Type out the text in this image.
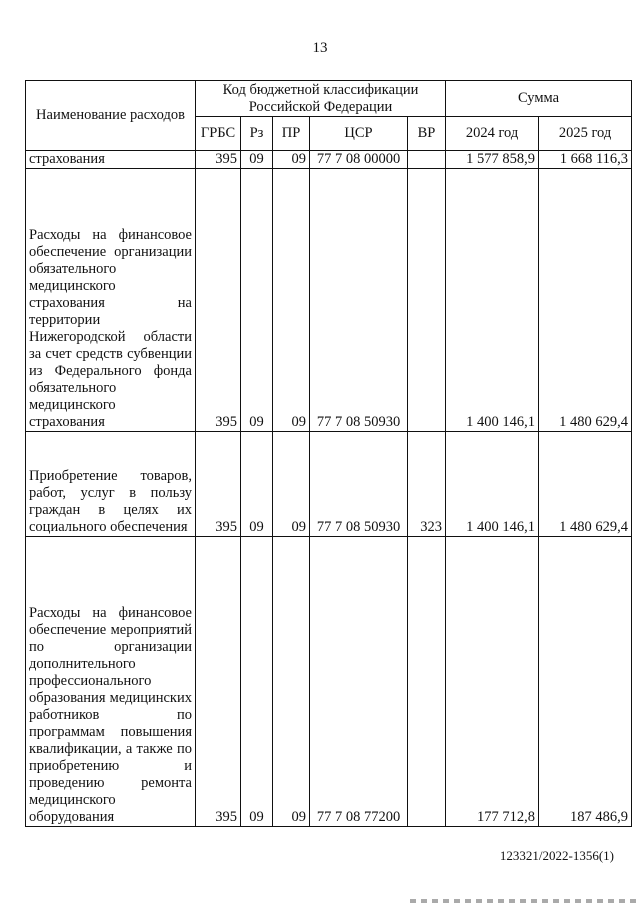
13
Наименование расходов	Код бюджетной классификации Российской Федерации					Сумма	
	ГРБС	Рз	ПР	ЦСР	ВР	2024 год	2025 год
страхования	395	09	09	77 7 08 00000		1 577 858,9	1 668 116,3
Расходы на финансовое обеспечение организации обязательного медицинского страхования на территории Нижегородской области за счет средств субвенции из Федерального фонда обязательного медицинского страхования	395	09	09	77 7 08 50930		1 400 146,1	1 480 629,4
Приобретение товаров, работ, услуг в пользу граждан в целях их социального обеспечения	395	09	09	77 7 08 50930	323	1 400 146,1	1 480 629,4
Расходы на финансовое обеспечение мероприятий по организации дополнительного профессионального образования медицинских работников по программам повышения квалификации, а также по приобретению и проведению ремонта медицинского оборудования	395	09	09	77 7 08 77200		177 712,8	187 486,9
123321/2022-1356(1)
